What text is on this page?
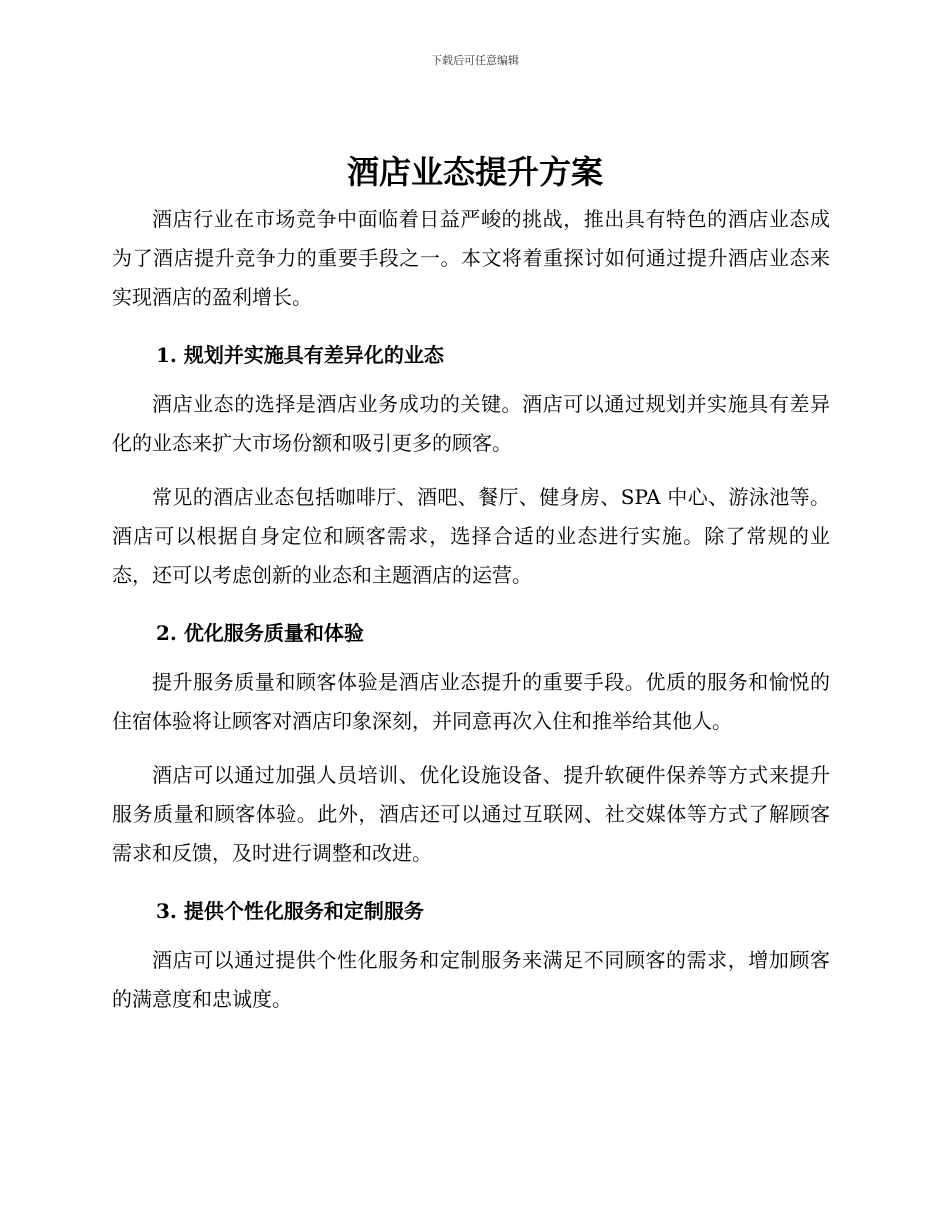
下载后可任意编辑
酒店业态提升方案

酒店行业在市场竞争中面临着日益严峻的挑战，推出具有特色的酒店业态成为了酒店提升竞争力的重要手段之一。本文将着重探讨如何通过提升酒店业态来实现酒店的盈利增长。

1. 规划并实施具有差异化的业态

酒店业态的选择是酒店业务成功的关键。酒店可以通过规划并实施具有差异化的业态来扩大市场份额和吸引更多的顾客。

常见的酒店业态包括咖啡厅、酒吧、餐厅、健身房、SPA 中心、游泳池等。酒店可以根据自身定位和顾客需求，选择合适的业态进行实施。除了常规的业态，还可以考虑创新的业态和主题酒店的运营。

2. 优化服务质量和体验

提升服务质量和顾客体验是酒店业态提升的重要手段。优质的服务和愉悦的住宿体验将让顾客对酒店印象深刻，并同意再次入住和推举给其他人。

酒店可以通过加强人员培训、优化设施设备、提升软硬件保养等方式来提升服务质量和顾客体验。此外，酒店还可以通过互联网、社交媒体等方式了解顾客需求和反馈，及时进行调整和改进。

3. 提供个性化服务和定制服务

酒店可以通过提供个性化服务和定制服务来满足不同顾客的需求，增加顾客的满意度和忠诚度。
